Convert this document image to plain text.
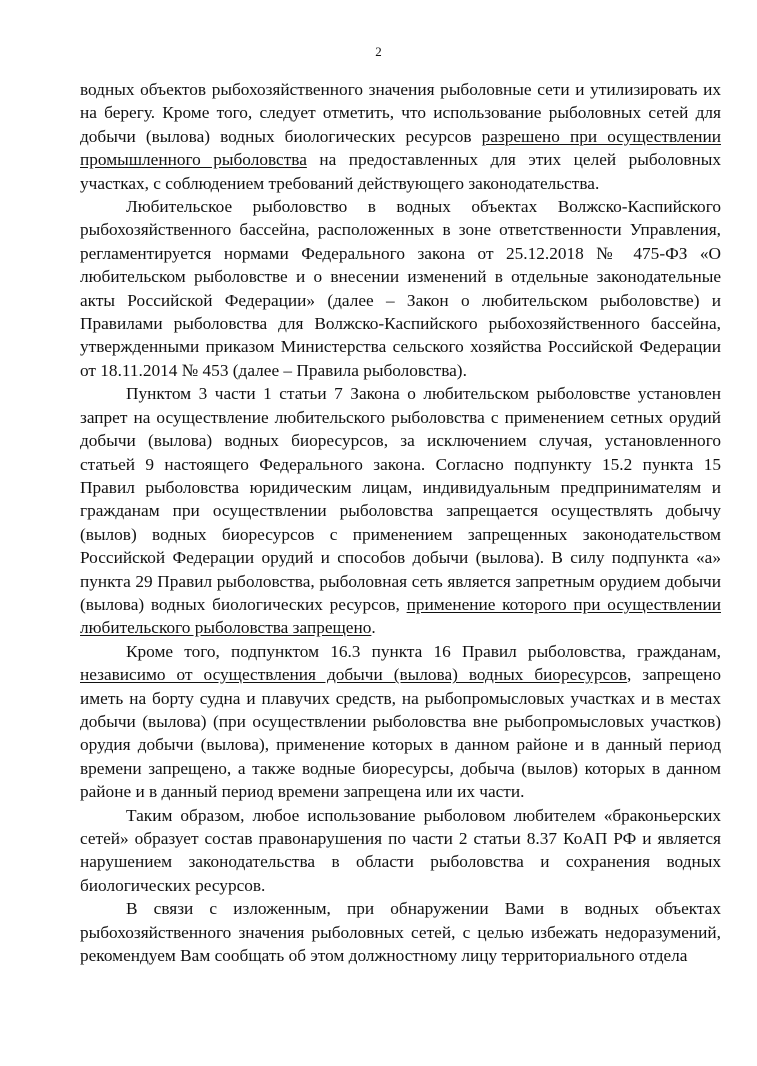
2

водных объектов рыбохозяйственного значения рыболовные сети и утилизировать их на берегу. Кроме того, следует отметить, что использование рыболовных сетей для добычи (вылова) водных биологических ресурсов разрешено при осуществлении промышленного рыболовства на предоставленных для этих целей рыболовных участках, с соблюдением требований действующего законодательства.

Любительское рыболовство в водных объектах Волжско-Каспийского рыбохозяйственного бассейна, расположенных в зоне ответственности Управления, регламентируется нормами Федерального закона от 25.12.2018 № 475-ФЗ «О любительском рыболовстве и о внесении изменений в отдельные законодательные акты Российской Федерации» (далее – Закон о любительском рыболовстве) и Правилами рыболовства для Волжско-Каспийского рыбохозяйственного бассейна, утвержденными приказом Министерства сельского хозяйства Российской Федерации от 18.11.2014 № 453 (далее – Правила рыболовства).

Пунктом 3 части 1 статьи 7 Закона о любительском рыболовстве установлен запрет на осуществление любительского рыболовства с применением сетных орудий добычи (вылова) водных биоресурсов, за исключением случая, установленного статьей 9 настоящего Федерального закона. Согласно подпункту 15.2 пункта 15 Правил рыболовства юридическим лицам, индивидуальным предпринимателям и гражданам при осуществлении рыболовства запрещается осуществлять добычу (вылов) водных биоресурсов с применением запрещенных законодательством Российской Федерации орудий и способов добычи (вылова). В силу подпункта «а» пункта 29 Правил рыболовства, рыболовная сеть является запретным орудием добычи (вылова) водных биологических ресурсов, применение которого при осуществлении любительского рыболовства запрещено.

Кроме того, подпунктом 16.3 пункта 16 Правил рыболовства, гражданам, независимо от осуществления добычи (вылова) водных биоресурсов, запрещено иметь на борту судна и плавучих средств, на рыбопромысловых участках и в местах добычи (вылова) (при осуществлении рыболовства вне рыбопромысловых участков) орудия добычи (вылова), применение которых в данном районе и в данный период времени запрещено, а также водные биоресурсы, добыча (вылов) которых в данном районе и в данный период времени запрещена или их части.

Таким образом, любое использование рыболовом любителем «браконьерских сетей» образует состав правонарушения по части 2 статьи 8.37 КоАП РФ и является нарушением законодательства в области рыболовства и сохранения водных биологических ресурсов.

В связи с изложенным, при обнаружении Вами в водных объектах рыбохозяйственного значения рыболовных сетей, с целью избежать недоразумений, рекомендуем Вам сообщать об этом должностному лицу территориального отдела
